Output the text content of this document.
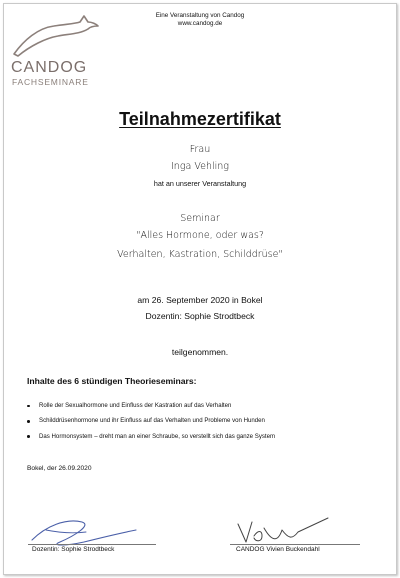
CANDOG
FACHSEMINARE
Eine Veranstaltung von Candog
www.candog.de
Teilnahmezertifikat
Frau
Inga Vehling
hat an unserer Veranstaltung
Seminar
"Alles Hormone, oder was?
Verhalten, Kastration, Schilddrüse"
am 26. September 2020 in Bokel
Dozentin: Sophie Strodtbeck
teilgenommen.
Inhalte des 6 stündigen Theorieseminars:
Rolle der Sexualhormone und Einfluss der Kastration auf das Verhalten
Schilddrüsenhormone und ihr Einfluss auf das Verhalten und Probleme von Hunden
Das Hormonsystem – dreht man an einer Schraube, so verstellt sich das ganze System
Bokel, der 26.09.2020
Dozentin: Sophie Strodtbeck	CANDOG Vivien Buckendahl
